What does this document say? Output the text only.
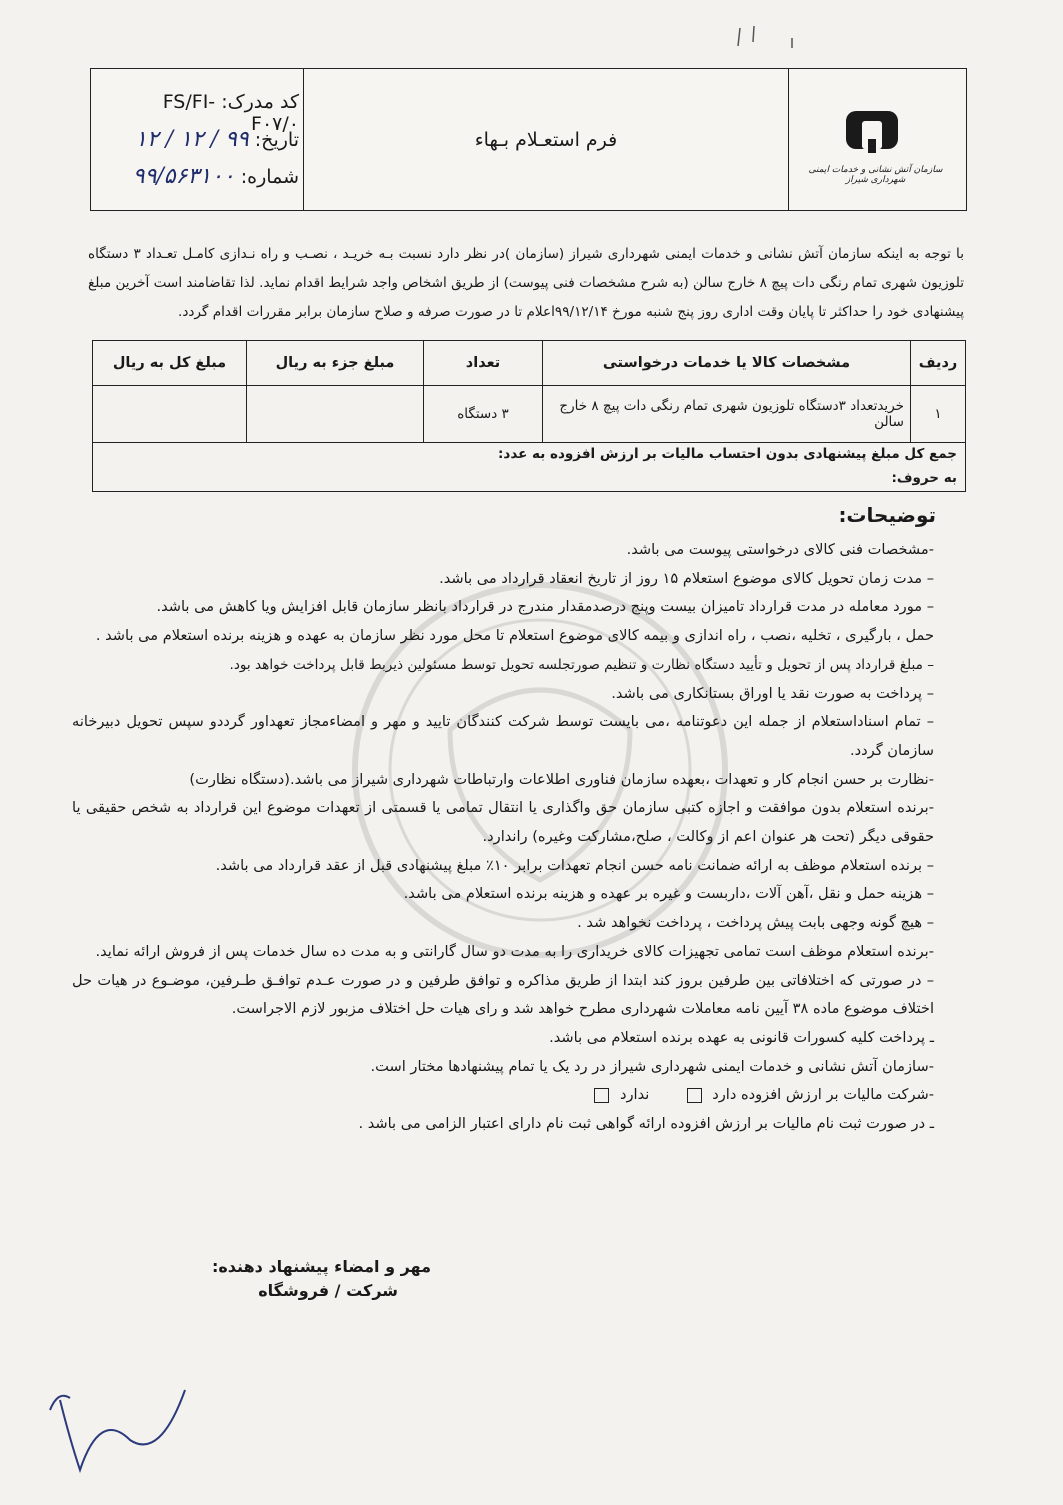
کد مدرک: FS/FI-F۰۷/۰
تاریخ: ۹۹ / ۱۲ / ۱۲
شماره: ۹۹/۵۶۳۱۰۰
فرم استعـلام بـهاء
سازمان آتش نشانی و خدمات ایمنی شهرداری شیراز
با توجه به اینکه سازمان آتش نشانی و خدمات ایمنی شهرداری شیراز (سازمان )در نظر دارد نسبت بـه خریـد ، نصـب و راه نـدازی کامـل تعـداد ۳ دستگاه تلوزیون شهری تمام رنگی دات پیچ ۸ خارج سالن (به شرح مشخصات فنی پیوست) از طریق اشخاص واجد شرایط اقدام نماید. لذا تقاضامند است آخرین مبلغ پیشنهادی خود را حداکثر تا پایان وقت اداری روز پنج شنبه مورخ ۹۹/۱۲/۱۴اعلام تا در صورت صرفه و صلاح سازمان برابر مقررات اقدام گردد.
ردیف	مشخصات کالا یا خدمات درخواستی	تعداد	مبلغ جزء به ریال	مبلغ کل به ریال
۱	خریدتعداد ۳دستگاه تلوزیون شهری تمام رنگی دات پیچ ۸ خارج سالن	۳ دستگاه		
جمع کل مبلغ پیشنهادی بدون احتساب مالیات بر ارزش افزوده به عدد:
به حروف:
توضیحات:

-مشخصات فنی کالای درخواستی پیوست می باشد.

– مدت زمان تحویل کالای موضوع استعلام ۱۵ روز از تاریخ انعقاد قرارداد می باشد.

– مورد معامله در مدت قرارداد تامیزان بیست وپنج درصدمقدار مندرج در قرارداد بانظر سازمان قابل افزایش ویا کاهش می باشد.

حمل ، بارگیری ، تخلیه ،نصب ، راه اندازی و بیمه کالای موضوع استعلام تا محل مورد نظر سازمان به عهده و هزینه برنده استعلام می باشد .

– مبلغ قرارداد پس از تحویل و تأیید دستگاه نظارت و تنظیم صورتجلسه تحویل توسط مسئولین ذیربط قابل پرداخت خواهد بود.

– پرداخت به صورت نقد یا اوراق بستانکاری می باشد.

– تمام اسناداستعلام از جمله این دعوتنامه ،می بایست توسط شرکت کنندگان تایید و مهر و امضاءمجاز تعهداور گرددو سپس تحویل دبیرخانه سازمان گردد.

-نظارت بر حسن انجام کار و تعهدات ،بعهده سازمان فناوری اطلاعات وارتباطات شهرداری شیراز می باشد.(دستگاه نظارت)

-برنده استعلام بدون موافقت و اجازه کتبی سازمان حق واگذاری یا انتقال تمامی یا قسمتی از تعهدات موضوع این قرارداد به شخص حقیقی یا حقوقی دیگر (تحت هر عنوان اعم از وکالت ، صلح،مشارکت وغیره) راندارد.

– برنده استعلام موظف به ارائه ضمانت نامه حسن انجام تعهدات برابر ۱۰٪ مبلغ پیشنهادی قبل از عقد قرارداد می باشد.

– هزینه حمل و نقل ،آهن آلات ،داربست و غیره بر عهده و هزینه برنده استعلام می باشد.

– هیچ گونه وجهی بابت پیش پرداخت ، پرداخت نخواهد شد .

-برنده استعلام موظف است تمامی تجهیزات کالای خریداری را به مدت دو سال گارانتی و به مدت ده سال خدمات پس از فروش ارائه نماید.

– در صورتی که اختلافاتی بین طرفین بروز کند ابتدا از طریق مذاکره و توافق طرفین و در صورت عـدم توافـق طـرفین، موضـوع در هیات حل اختلاف موضوع ماده ۳۸ آیین نامه معاملات شهرداری مطرح خواهد شد و رای هیات حل اختلاف مزبور لازم الاجراست.

ـ پرداخت کلیه کسورات قانونی به عهده برنده استعلام می باشد.

-سازمان آتش نشانی و خدمات ایمنی شهرداری شیراز در رد یک یا تمام پیشنهادها مختار است.

-شرکت مالیات بر ارزش افزوده دارد   ندارد

ـ در صورت ثبت نام مالیات بر ارزش افزوده ارائه گواهی ثبت نام دارای اعتبار الزامی می باشد .

مهر و امضاء پیشنهاد دهنده:
شرکت / فروشگاه
